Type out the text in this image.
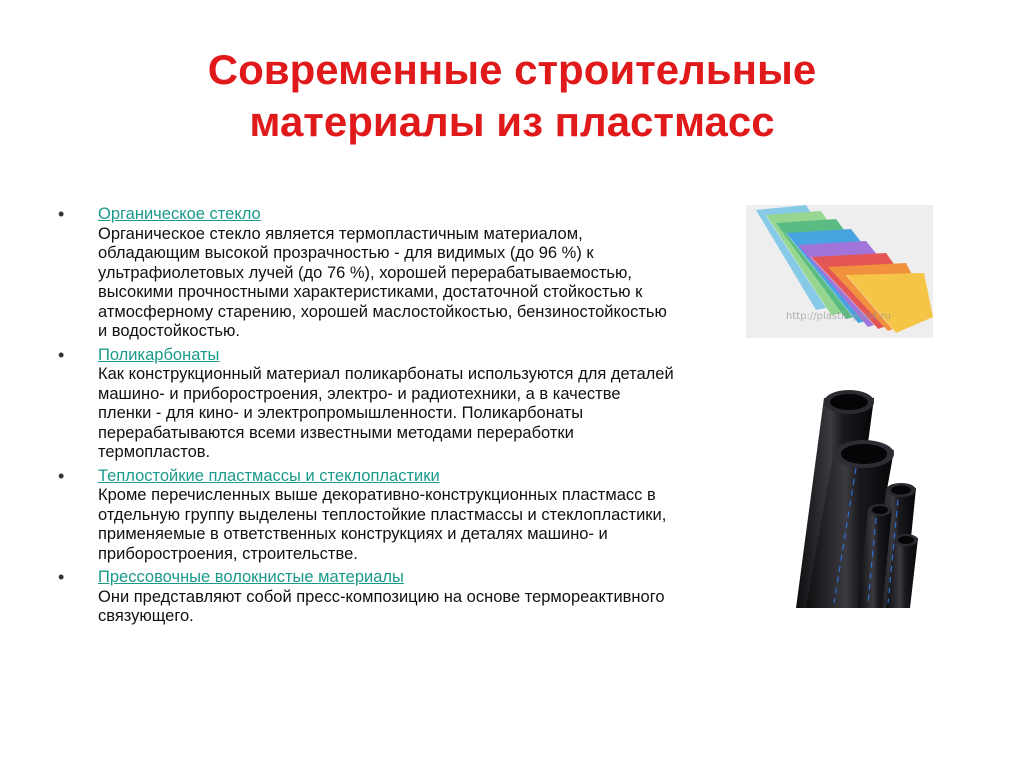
Современные строительные
материалы из пластмасс
• Органическое стекло
Органическое стекло является термопластичным материалом, обладающим высокой прозрачностью - для видимых (до 96 %) к ультрафиолетовых лучей (до 76 %), хорошей перерабатываемостью, высокими прочностными характеристиками, достаточной стойкостью к атмосферному старению, хорошей маслостойкостью, бензиностойкостью и водостойкостью.
• Поликарбонаты
Как конструкционный материал поликарбонаты используются для деталей машино- и приборостроения, электро- и радиотехники, а в качестве пленки - для кино- и электропромышленности. Поликарбонаты перерабатываются всеми известными методами переработки термопластов.
• Теплостойкие пластмассы и стеклопластики
Кроме перечисленных выше декоративно-конструкционных пластмасс в отдельную группу выделены теплостойкие пластмассы и стеклопластики, применяемые в ответственных конструкциях и деталях машино- и приборостроения, строительстве.
• Прессовочные волокнистые материалы
Они представляют собой пресс-композицию на основе термореактивного связующего.
http://plastic-plast.ru
